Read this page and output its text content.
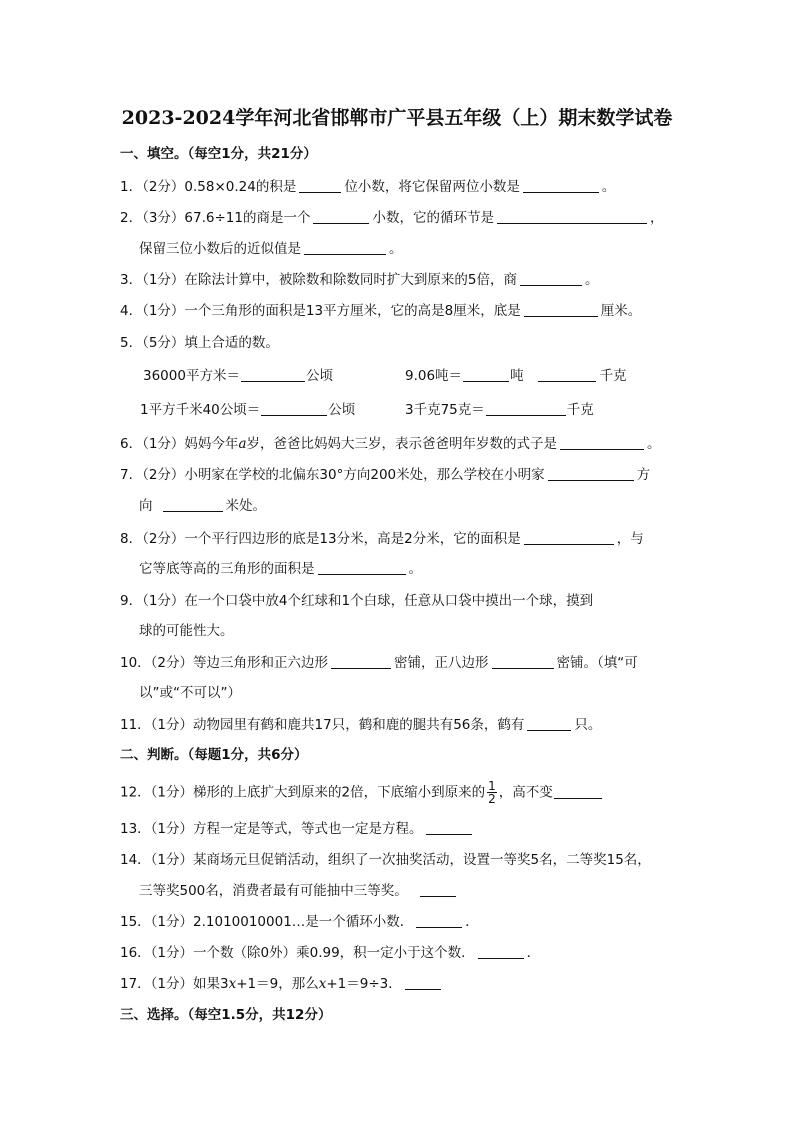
2023-2024学年河北省邯郸市广平县五年级（上）期末数学试卷
一、填空。（每空1分，共21分）
1．（2分）0.58×0.24的积是	位小数，将它保留两位小数是	。
2．（3分）67.6÷11的商是一个	小数，它的循环节是	，
保留三位小数后的近似值是	。
3．（1分）在除法计算中，被除数和除数同时扩大到原来的5倍，商	。
4．（1分）一个三角形的面积是13平方厘米，它的高是8厘米，底是	厘米。
5．（5分）填上合适的数。
36000平方米＝	公顷	9.06吨＝	吨	千克
1平方千米40公顷＝	公顷	3千克75克＝	千克
6．（1分）妈妈今年a岁，爸爸比妈妈大三岁，表示爸爸明年岁数的式子是	。
7．（2分）小明家在学校的北偏东30°方向200米处，那么学校在小明家	方
向	米处。
8．（2分）一个平行四边形的底是13分米，高是2分米，它的面积是	，与
它等底等高的三角形的面积是	。
9．（1分）在一个口袋中放4个红球和1个白球，任意从口袋中摸出一个球，摸到
球的可能性大。
10．（2分）等边三角形和正六边形	密铺，正八边形	密铺。（填“可
以”或“不可以”）
11．（1分）动物园里有鹤和鹿共17只，鹤和鹿的腿共有56条，鹤有	只。
二、判断。（每题1分，共6分）
12．（1分）梯形的上底扩大到原来的2倍，下底缩小到原来的 $\frac{1}{2}$ ，高不变
13．（1分）方程一定是等式，等式也一定是方程。
14．（1分）某商场元旦促销活动，组织了一次抽奖活动，设置一等奖5名，二等奖15名，
三等奖500名，消费者最有可能抽中三等奖。
15．（1分）2.1010010001…是一个循环小数．	．
16．（1分）一个数（除0外）乘0.99，积一定小于这个数．	．
17．（1分）如果3x+1＝9，那么x+1＝9÷3．
三、选择。（每空1.5分，共12分）
